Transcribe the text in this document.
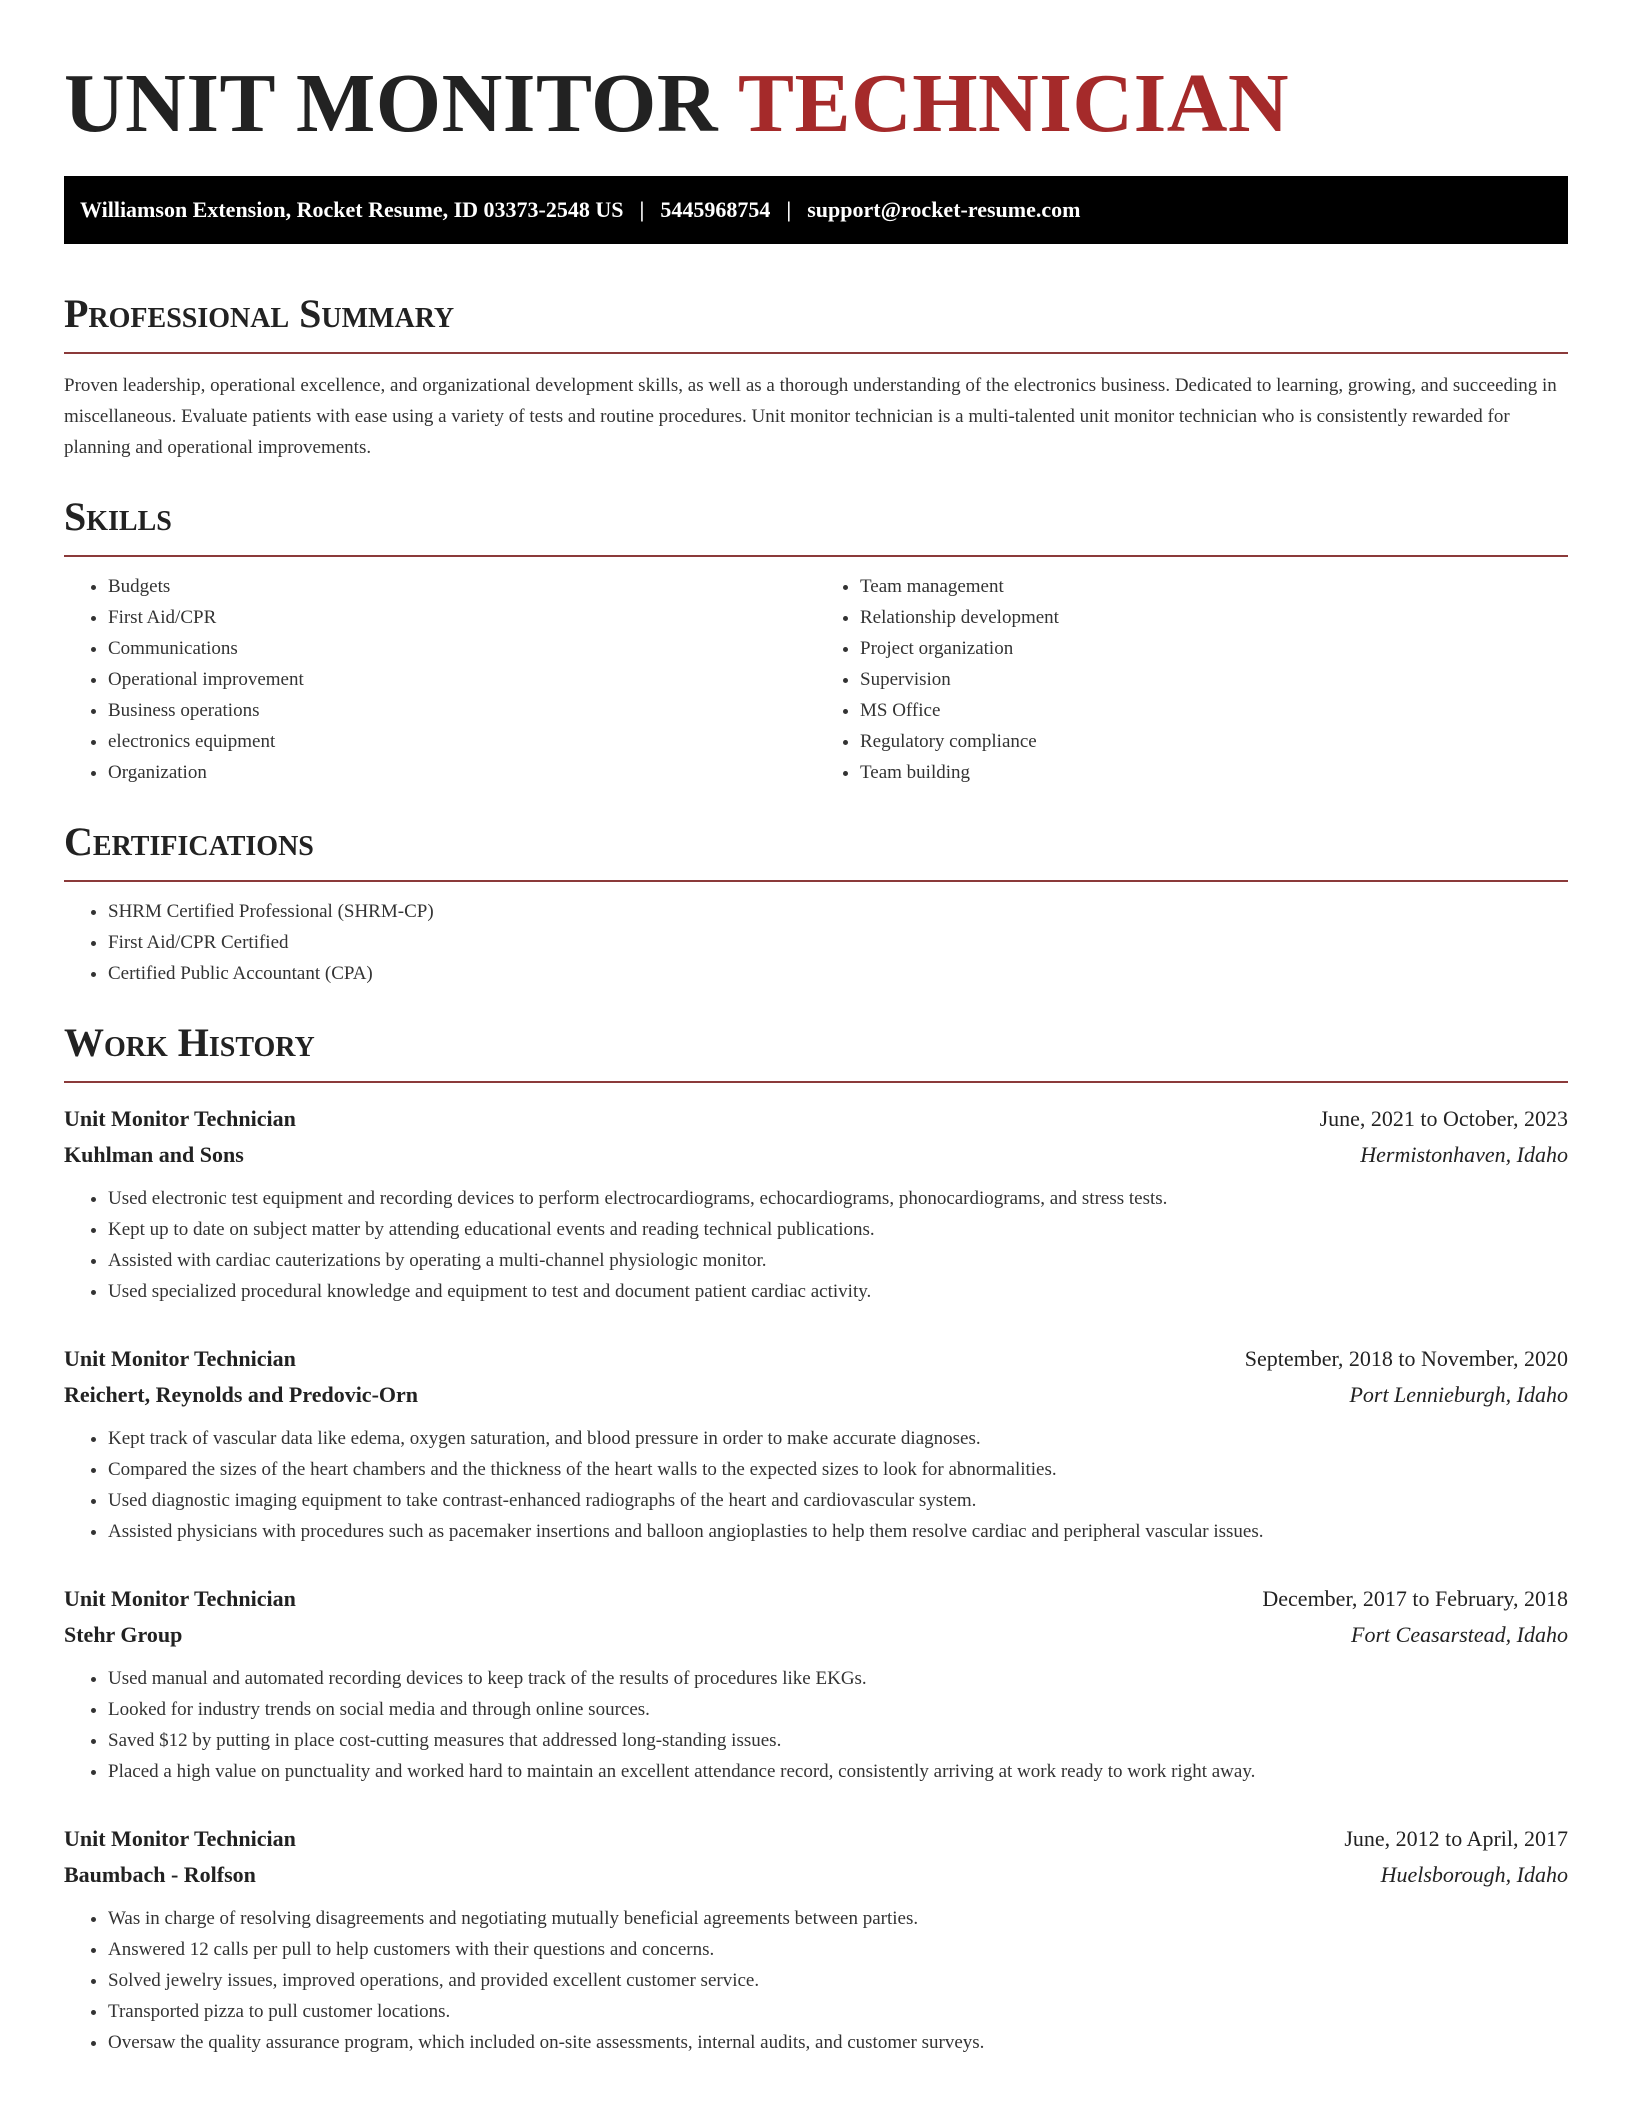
UNIT MONITOR TECHNICIAN
Williamson Extension, Rocket Resume, ID 03373-2548 US | 5445968754 | support@rocket-resume.com
Professional Summary

Proven leadership, operational excellence, and organizational development skills, as well as a thorough understanding of the electronics business. Dedicated to learning, growing, and succeeding in miscellaneous. Evaluate patients with ease using a variety of tests and routine procedures. Unit monitor technician is a multi-talented unit monitor technician who is consistently rewarded for planning and operational improvements.

Skills
• Budgets
• First Aid/CPR
• Communications
• Operational improvement
• Business operations
• electronics equipment
• Organization
• Team management
• Relationship development
• Project organization
• Supervision
• MS Office
• Regulatory compliance
• Team building
Certifications
• SHRM Certified Professional (SHRM-CP)
• First Aid/CPR Certified
• Certified Public Accountant (CPA)
Work History
Unit Monitor Technician	June, 2021 to October, 2023
Kuhlman and Sons	Hermistonhaven, Idaho
• Used electronic test equipment and recording devices to perform electrocardiograms, echocardiograms, phonocardiograms, and stress tests.
• Kept up to date on subject matter by attending educational events and reading technical publications.
• Assisted with cardiac cauterizations by operating a multi-channel physiologic monitor.
• Used specialized procedural knowledge and equipment to test and document patient cardiac activity.
Unit Monitor Technician	September, 2018 to November, 2020
Reichert, Reynolds and Predovic-Orn	Port Lennieburgh, Idaho
• Kept track of vascular data like edema, oxygen saturation, and blood pressure in order to make accurate diagnoses.
• Compared the sizes of the heart chambers and the thickness of the heart walls to the expected sizes to look for abnormalities.
• Used diagnostic imaging equipment to take contrast-enhanced radiographs of the heart and cardiovascular system.
• Assisted physicians with procedures such as pacemaker insertions and balloon angioplasties to help them resolve cardiac and peripheral vascular issues.
Unit Monitor Technician	December, 2017 to February, 2018
Stehr Group	Fort Ceasarstead, Idaho
• Used manual and automated recording devices to keep track of the results of procedures like EKGs.
• Looked for industry trends on social media and through online sources.
• Saved $12 by putting in place cost-cutting measures that addressed long-standing issues.
• Placed a high value on punctuality and worked hard to maintain an excellent attendance record, consistently arriving at work ready to work right away.
Unit Monitor Technician	June, 2012 to April, 2017
Baumbach - Rolfson	Huelsborough, Idaho
• Was in charge of resolving disagreements and negotiating mutually beneficial agreements between parties.
• Answered 12 calls per pull to help customers with their questions and concerns.
• Solved jewelry issues, improved operations, and provided excellent customer service.
• Transported pizza to pull customer locations.
• Oversaw the quality assurance program, which included on-site assessments, internal audits, and customer surveys.
